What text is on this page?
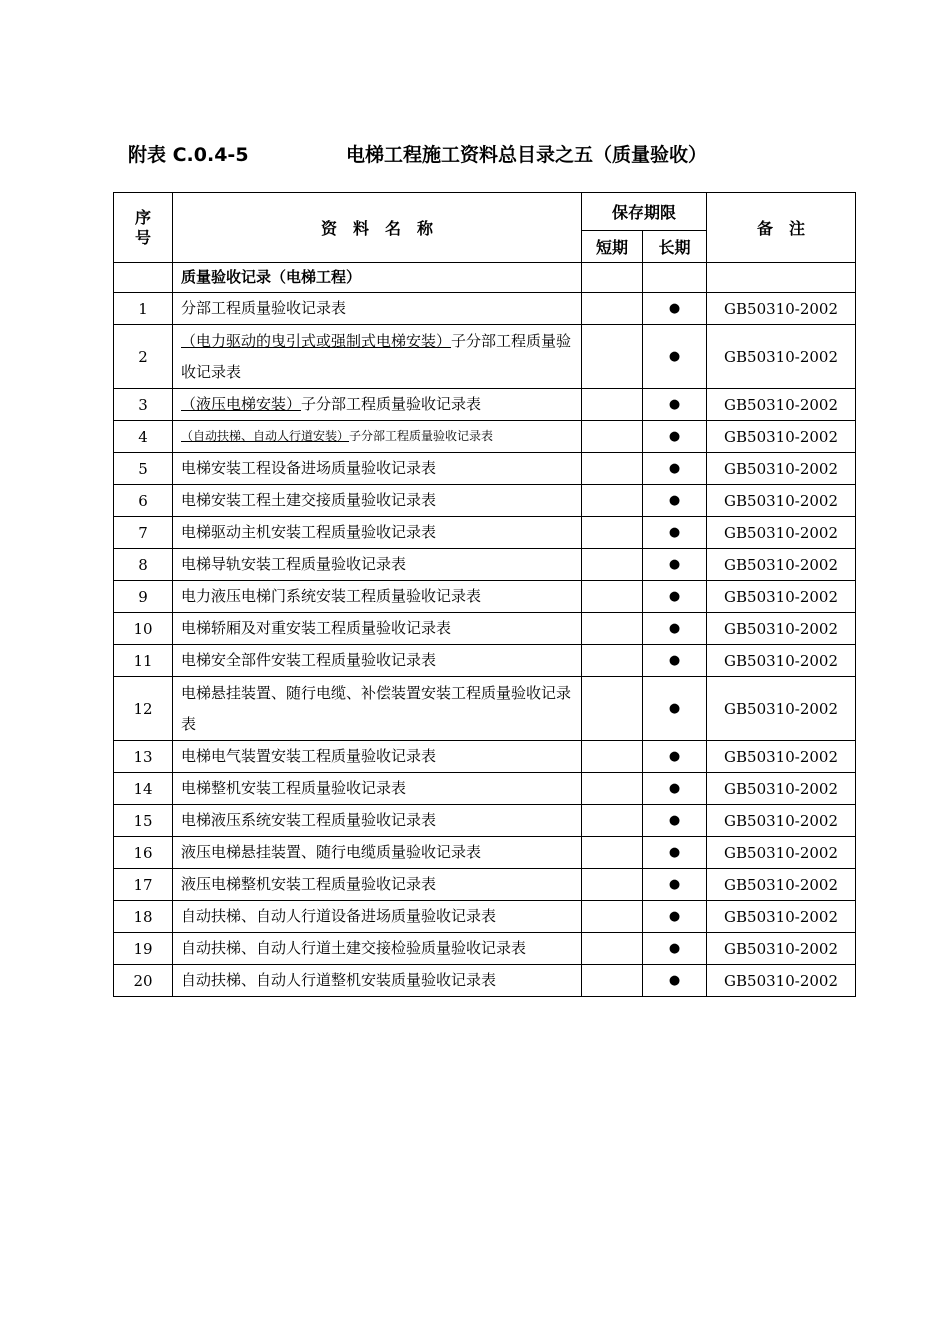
附表 C.0.4-5	电梯工程施工资料总目录之五（质量验收）
序
号	资　料　名　称	保存期限		备　注
		短期	长期	
	质量验收记录（电梯工程）			
1	分部工程质量验收记录表		●	GB50310-2002
2	（电力驱动的曳引式或强制式电梯安装）子分部工程质量验收记录表		●	GB50310-2002
3	（液压电梯安装）子分部工程质量验收记录表		●	GB50310-2002
4	（自动扶梯、自动人行道安装）子分部工程质量验收记录表		●	GB50310-2002
5	电梯安装工程设备进场质量验收记录表		●	GB50310-2002
6	电梯安装工程土建交接质量验收记录表		●	GB50310-2002
7	电梯驱动主机安装工程质量验收记录表		●	GB50310-2002
8	电梯导轨安装工程质量验收记录表		●	GB50310-2002
9	电力液压电梯门系统安装工程质量验收记录表		●	GB50310-2002
10	电梯轿厢及对重安装工程质量验收记录表		●	GB50310-2002
11	电梯安全部件安装工程质量验收记录表		●	GB50310-2002
12	电梯悬挂装置、随行电缆、补偿装置安装工程质量验收记录表		●	GB50310-2002
13	电梯电气装置安装工程质量验收记录表		●	GB50310-2002
14	电梯整机安装工程质量验收记录表		●	GB50310-2002
15	电梯液压系统安装工程质量验收记录表		●	GB50310-2002
16	液压电梯悬挂装置、随行电缆质量验收记录表		●	GB50310-2002
17	液压电梯整机安装工程质量验收记录表		●	GB50310-2002
18	自动扶梯、自动人行道设备进场质量验收记录表		●	GB50310-2002
19	自动扶梯、自动人行道土建交接检验质量验收记录表		●	GB50310-2002
20	自动扶梯、自动人行道整机安装质量验收记录表		●	GB50310-2002
